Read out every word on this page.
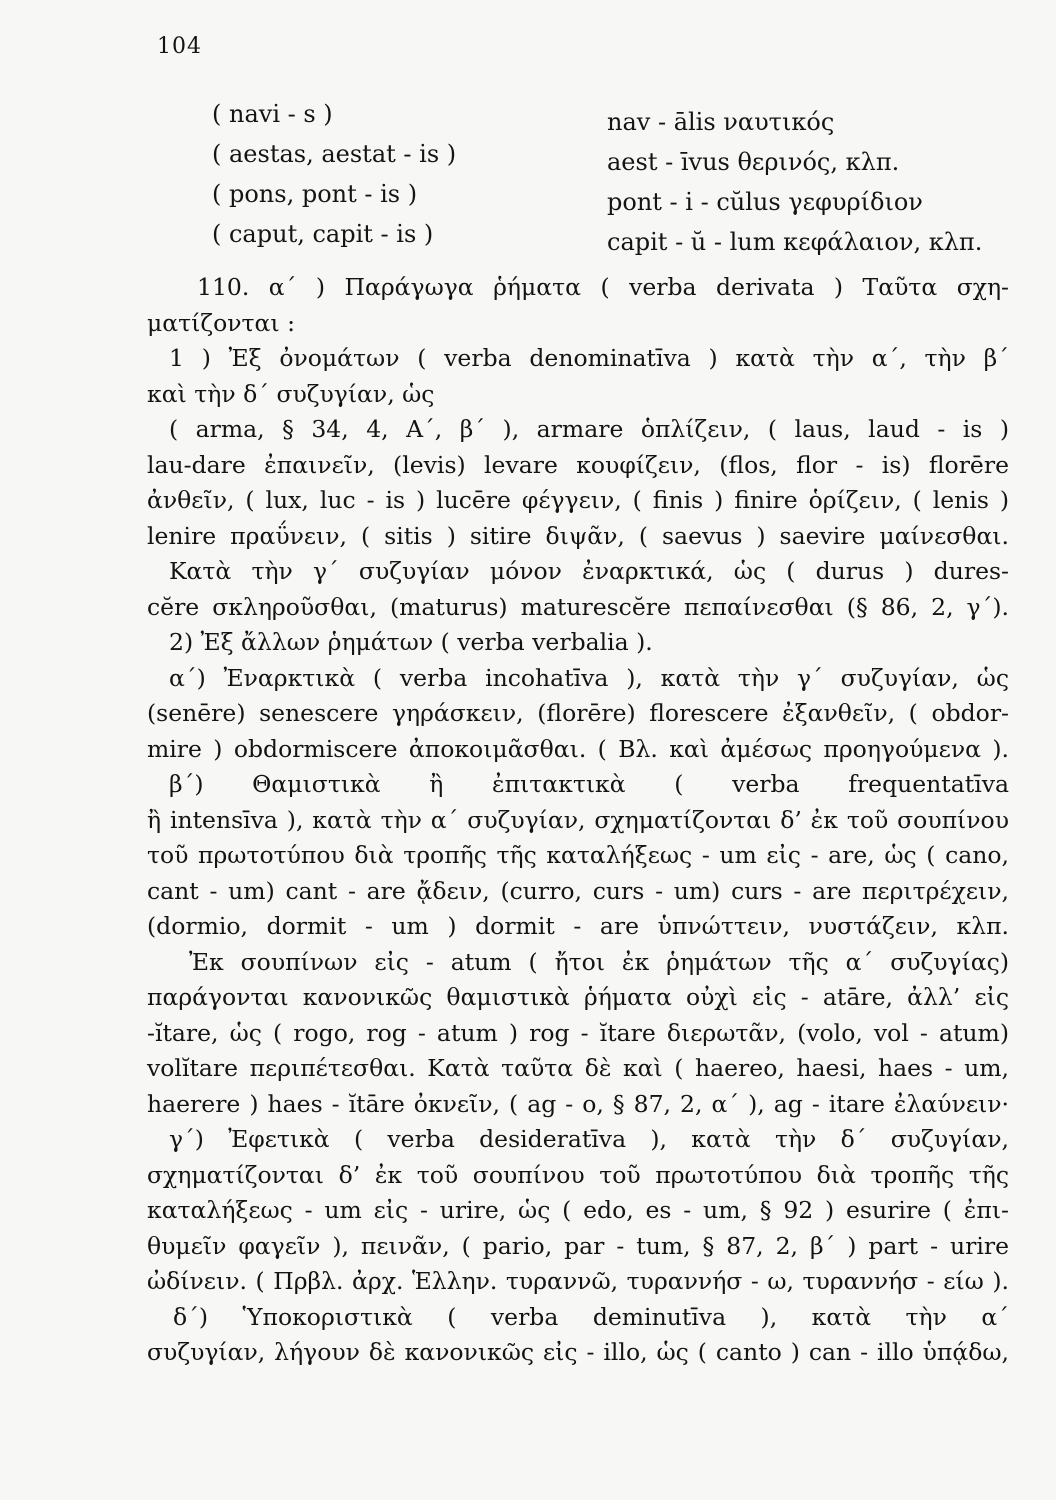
104
( navi - s )	nav - ālis ναυτικός
( aestas, aestat - is )	aest - īvus θερινός, κλπ.
( pons, pont - is )	pont - i - cŭlus γεφυρίδιον
( caput, capit - is )	capit - ŭ - lum κεφάλαιον, κλπ.
110. α΄ ) Παράγωγα ῥήματα ( verba derivata ) Ταῦτα σχη-
ματίζονται :
1 ) Ἐξ ὀνομάτων ( verba denominatīva ) κατὰ τὴν α΄, τὴν β΄
καὶ τὴν δ΄ συζυγίαν, ὡς
( arma, § 34, 4, Α΄, β΄ ), armare ὁπλίζειν, ( laus, laud - is )
lau-dare ἐπαινεῖν, (levis) levare κουφίζειν, (flos, flor - is) florēre
ἀνθεῖν, ( lux, luc - is ) lucēre φέγγειν, ( finis ) finire ὁρίζειν, ( lenis )
lenire πραΰνειν, ( sitis ) sitire διψᾶν, ( saevus ) saevire μαίνεσθαι.
Κατὰ τὴν γ΄ συζυγίαν μόνον ἐναρκτικά, ὡς ( durus ) dures-
cĕre σκληροῦσθαι, (maturus) maturescĕre πεπαίνεσθαι (§ 86, 2, γ΄).
2) Ἐξ ἄλλων ῥημάτων ( verba verbalia ).
α΄) Ἐναρκτικὰ ( verba incohatīva ), κατὰ τὴν γ΄ συζυγίαν, ὡς
(senēre) senescere γηράσκειν, (florēre) florescere ἐξανθεῖν, ( obdor-
mire ) obdormiscere ἀποκοιμᾶσθαι. ( Βλ. καὶ ἀμέσως προηγούμενα ).
β΄) Θαμιστικὰ ἢ ἐπιτακτικὰ ( verba frequentatīva
ἢ intensīva ), κατὰ τὴν α΄ συζυγίαν, σχηματίζονται δ’ ἐκ τοῦ σουπίνου
τοῦ πρωτοτύπου διὰ τροπῆς τῆς καταλήξεως - um εἰς - are, ὡς ( cano,
cant - um) cant - are ᾄδειν, (curro, curs - um) curs - are περιτρέχειν,
(dormio, dormit - um ) dormit - are ὑπνώττειν, νυστάζειν, κλπ.
Ἐκ σουπίνων εἰς - atum ( ἤτοι ἐκ ῥημάτων τῆς α΄ συζυγίας)
παράγονται κανονικῶς θαμιστικὰ ῥήματα οὐχὶ εἰς - atāre, ἀλλ’ εἰς
-ĭtare, ὡς ( rogo, rog - atum ) rog - ĭtare διερωτᾶν, (volo, vol - atum)
volĭtare περιπέτεσθαι. Κατὰ ταῦτα δὲ καὶ ( haereo, haesi, haes - um,
haerere ) haes - ĭtāre ὀκνεῖν, ( ag - o, § 87, 2, α΄ ), ag - itare ἐλαύνειν·
γ΄) Ἐφετικὰ ( verba desideratīva ), κατὰ τὴν δ΄ συζυγίαν,
σχηματίζονται δ’ ἐκ τοῦ σουπίνου τοῦ πρωτοτύπου διὰ τροπῆς τῆς
καταλήξεως - um εἰς - urire, ὡς ( edo, es - um, § 92 ) esurire ( ἐπι-
θυμεῖν φαγεῖν ), πεινᾶν, ( pario, par - tum, § 87, 2, β΄ ) part - urire
ὠδίνειν. ( Πρβλ. ἀρχ. Ἑλλην. τυραννῶ, τυραννήσ - ω, τυραννήσ - είω ).
δ΄) Ὑποκοριστικὰ ( verba deminutīva ), κατὰ τὴν α΄
συζυγίαν, λήγουν δὲ κανονικῶς εἰς - illo, ὡς ( canto ) can - illo ὑπᾴδω,
